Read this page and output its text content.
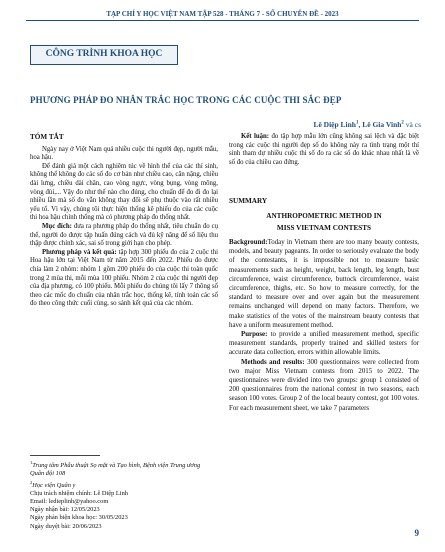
TẠP CHÍ Y HỌC VIỆT NAM TẬP 528 - THÁNG 7 - SỐ CHUYÊN ĐỀ - 2023
CÔNG TRÌNH KHOA HỌC
PHƯƠNG PHÁP ĐO NHÂN TRẮC HỌC TRONG CÁC CUỘC THI SẮC ĐẸP
Lê Diệp Linh$^1$, Lê Gia Vinh$^2$ và cs
TÓM TẮT

Ngày nay ở Việt Nam quá nhiều cuộc thi người đẹp, người mẫu, hoa hậu.

Để đánh giá một cách nghiêm túc về hình thể của các thí sinh, không thể không đo các số đo cơ bản như chiều cao, cân nặng, chiều dài lưng, chiều dài chân, cao vòng ngực, vòng bụng, vòng mông, vòng đùi,... Vậy đo như thế nào cho đúng, cho chuẩn để đo đi đo lại nhiều lần mà số đo vẫn không thay đổi sẽ phụ thuộc vào rất nhiều yếu tố. Vì vậy, chúng tôi thực hiện thống kê phiếu đo của các cuộc thi hoa hậu chính thống mà có phương pháp đo thống nhất.

Mục đích: đưa ra phương pháp đo thống nhất, tiêu chuẩn đo cụ thể, người đo được tập huấn đúng cách và đủ kỹ năng để số liệu thu thập được chính xác, sai số trong giới hạn cho phép.

Phương pháp và kết quả: tập hợp 300 phiếu đo của 2 cuộc thi Hoa hậu lớn tại Việt Nam từ năm 2015 đến 2022. Phiếu đo được chia làm 2 nhóm: nhóm 1 gồm 200 phiếu đo của cuộc thi toàn quốc trong 2 mùa thi, mỗi mùa 100 phiếu. Nhóm 2 của cuộc thi người đẹp của địa phương, có 100 phiếu. Mỗi phiếu đo chúng tôi lấy 7 thông số theo các mốc đo chuẩn của nhân trắc học, thống kê, tính toán các số đo theo công thức cuối cùng, so sánh kết quả của các nhóm.

$^1$Trung tâm Phẫu thuật Sọ mặt và Tạo hình, Bệnh viện Trung ương Quân đội 108
$^2$Học viện Quân y
Chịu trách nhiệm chính: Lê Diệp Linh
Email: ledieplinh@yahoo.com
Ngày nhận bài: 12/05/2023
Ngày phản biện khoa học: 30/05/2023
Ngày duyệt bài: 20/06/2023

Kết luận: đo tập hợp mẫu lớn cũng không sai lệch và đặc biệt trong các cuộc thi người đẹp số đo không này ra tình trạng một thí sinh tham dự nhiều cuộc thi số đo ra các số đo khác nhau nhất là về số đo của chiều cao đứng.

SUMMARY
ANTHROPOMETRIC METHOD IN
MISS VIETNAM CONTESTS

Background:Today in Vietnam there are too many beauty contests, models, and beauty pageants. In order to seriously evaluate the body of the contestants, it is impossible not to measure basic measurements such as height, weight, back length, leg length, bust circumference, waist circumference, buttock circumference, waist circumference, thighs, etc. So how to measure correctly, for the standard to measure over and over again but the measurement remains unchanged will depend on many factors. Therefore, we make statistics of the votes of the mainstream beauty contests that have a uniform measurement method.

Purpose: to provide a unified measurement method, specific measurement standards, properly trained and skilled testers for accurate data collection, errors within allowable limits.

Methods and results: 300 questionnaires were collected from two major Miss Vietnam contests from 2015 to 2022. The questionnaires were divided into two groups: group 1 consisted of 200 questionnaires from the national contest in two seasons, each season 100 votes. Group 2 of the local beauty contest, got 100 votes. For each measurement sheet, we take 7 parameters

9
